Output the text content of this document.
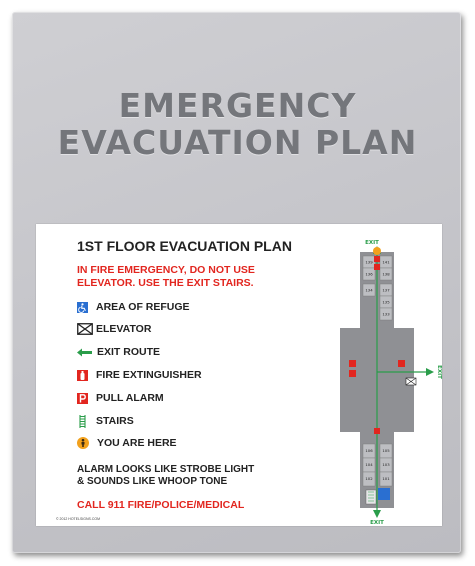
EMERGENCY
EVACUATION PLAN
1ST FLOOR EVACUATION PLAN
IN FIRE EMERGENCY, DO NOT USE
ELEVATOR. USE THE EXIT STAIRS.
AREA OF REFUGE
ELEVATOR
EXIT ROUTE
FIRE EXTINGUISHER
PULL ALARM
STAIRS
YOU ARE HERE
ALARM LOOKS LIKE STROBE LIGHT
& SOUNDS LIKE WHOOP TONE
CALL 911 FIRE/POLICE/MEDICAL
© 2012 HOTELSIGNS.COM
139	141
136	138
134	137
135
133
106	105
104	103
102	101
EXIT
EXIT
EXIT
